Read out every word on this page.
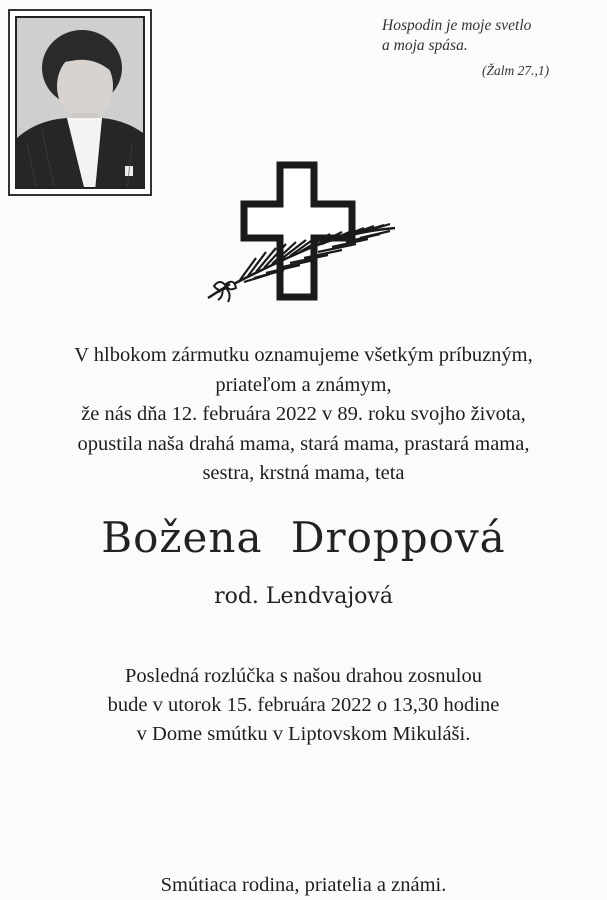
Hospodin je moje svetlo
a moja spása.
(Žalm 27.,1)
V hlbokom zármutku oznamujeme všetkým príbuzným,
priateľom a známym,
že nás dňa 12. februára 2022 v 89. roku svojho života,
opustila naša drahá mama, stará mama, prastará mama,
sestra, krstná mama, teta
Božena Droppová
rod. Lendvajová
Posledná rozlúčka s našou drahou zosnulou
bude v utorok 15. februára 2022 o 13,30 hodine
v Dome smútku v Liptovskom Mikuláši.
Smútiaca rodina, priatelia a známi.
